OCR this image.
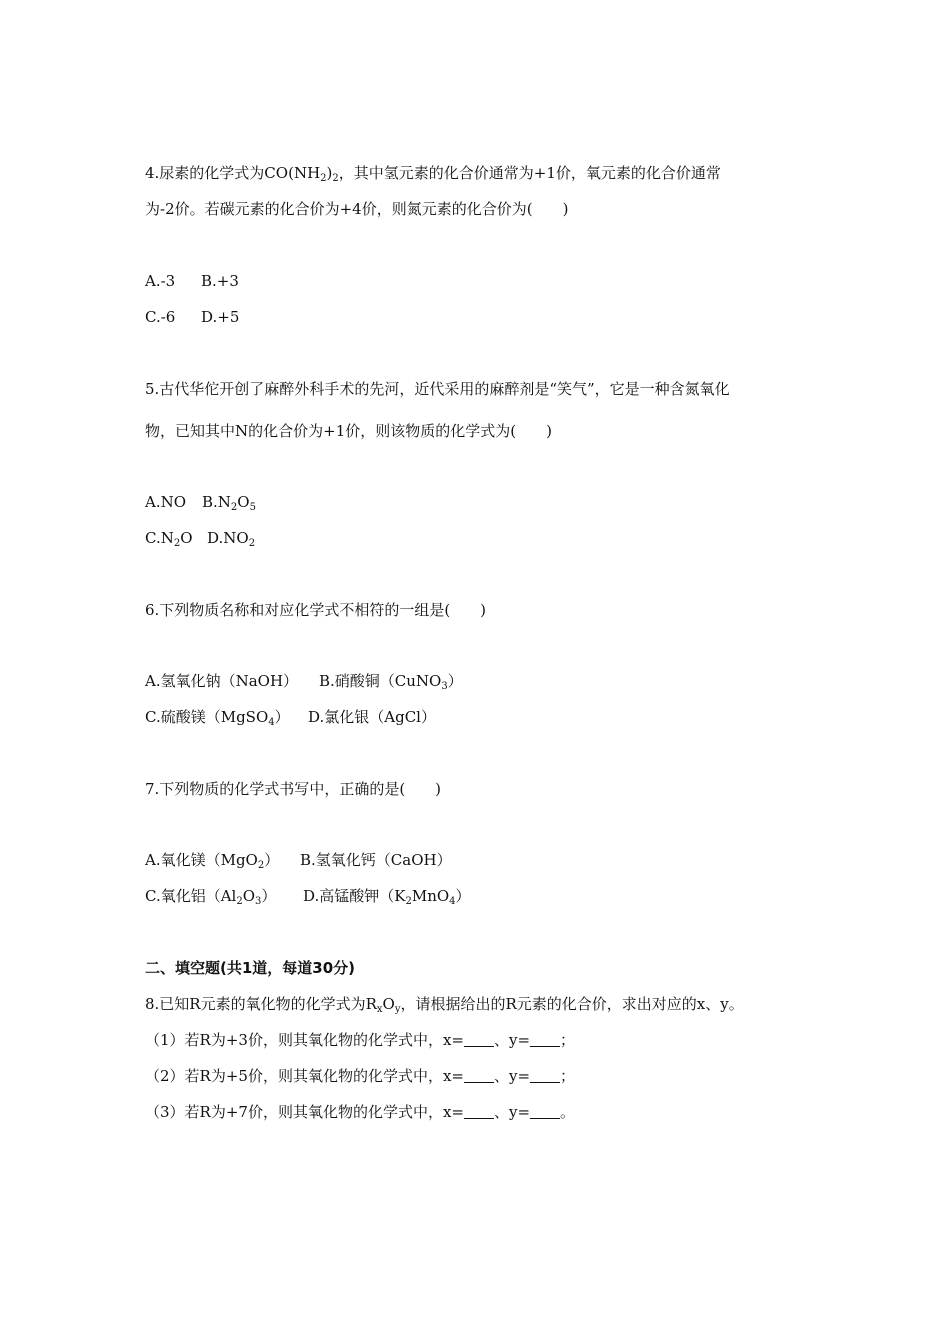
4.尿素的化学式为$CO(NH_2)_2$，其中氢元素的化合价通常为+1价，氧元素的化合价通常
为-2价。若碳元素的化合价为+4价，则氮元素的化合价为(　　)
A.-3 B.+3
C.-6 D.+5
5.古代华佗开创了麻醉外科手术的先河，近代采用的麻醉剂是“笑气”，它是一种含氮氧化
物，已知其中N的化合价为+1价，则该物质的化学式为(　　)
A.NO $B.N_2O_5$
$C.N_2O$ $D.NO_2$
6.下列物质名称和对应化学式不相符的一组是(　　)
A.氢氧化钠（NaOH） B.硝酸铜（CuNO$_3$）
C.硫酸镁（MgSO$_4$） D.氯化银（AgCl）
7.下列物质的化学式书写中，正确的是(　　)
A.氧化镁（MgO$_2$） B.氢氧化钙（CaOH）
C.氧化铝$(Al_2O_3)$ D.高锰酸钾$(K_2MnO_4)$
二、填空题(共1道，每道30分)
8.已知R元素的氧化物的化学式为$R_xO_y$，请根据给出的R元素的化合价，求出对应的x、y。
（1）若R为+3价，则其氧化物的化学式中，x= 、y= ；
（2）若R为+5价，则其氧化物的化学式中，x= 、y= ；
（3）若R为+7价，则其氧化物的化学式中，x= 、y= 。
